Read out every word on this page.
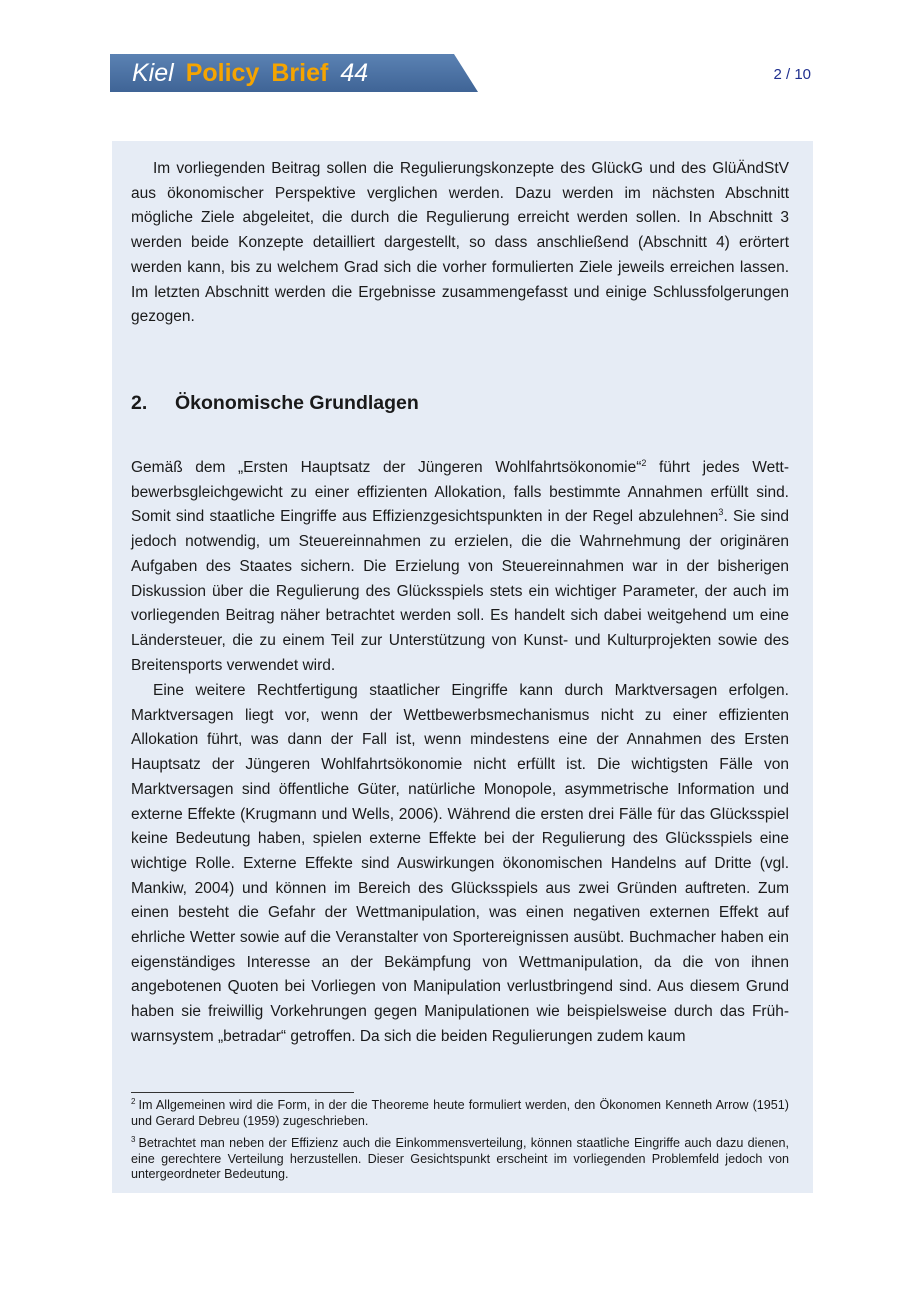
Kiel Policy Brief 44	2 / 10

Im vorliegenden Beitrag sollen die Regulierungskonzepte des GlückG und des GlüÄndStV aus ökonomischer Perspektive verglichen werden. Dazu werden im nächsten Abschnitt mögliche Ziele abgeleitet, die durch die Regulierung erreicht werden sollen. In Abschnitt 3 werden beide Konzepte detailliert dargestellt, so dass anschließend (Abschnitt 4) erörtert werden kann, bis zu welchem Grad sich die vorher formulierten Ziele jeweils erreichen lassen. Im letzten Abschnitt werden die Ergebnisse zusammengefasst und einige Schlussfolgerungen gezogen.

2. Ökonomische Grundlagen

Gemäß dem „Ersten Hauptsatz der Jüngeren Wohlfahrtsökonomie“$^2$ führt jedes Wettbewerbsgleichgewicht zu einer effizienten Allokation, falls bestimmte Annahmen erfüllt sind. Somit sind staatliche Eingriffe aus Effizienzgesichtspunkten in der Regel abzulehnen$^3$. Sie sind jedoch notwendig, um Steuereinnahmen zu erzielen, die die Wahrnehmung der originären Aufgaben des Staates sichern. Die Erzielung von Steuereinnahmen war in der bisherigen Diskussion über die Regulierung des Glücksspiels stets ein wichtiger Parameter, der auch im vorliegenden Beitrag näher betrachtet werden soll. Es handelt sich dabei weitgehend um eine Ländersteuer, die zu einem Teil zur Unterstützung von Kunst- und Kulturprojekten sowie des Breitensports verwendet wird.

Eine weitere Rechtfertigung staatlicher Eingriffe kann durch Marktversagen erfolgen. Marktversagen liegt vor, wenn der Wettbewerbsmechanismus nicht zu einer effizienten Allokation führt, was dann der Fall ist, wenn mindestens eine der Annahmen des Ersten Hauptsatz der Jüngeren Wohlfahrtsökonomie nicht erfüllt ist. Die wichtigsten Fälle von Marktversagen sind öffentliche Güter, natürliche Monopole, asymmetrische Information und externe Effekte (Krugmann und Wells, 2006). Während die ersten drei Fälle für das Glücksspiel keine Bedeutung haben, spielen externe Effekte bei der Regulierung des Glücksspiels eine wichtige Rolle. Externe Effekte sind Auswirkungen ökonomischen Handelns auf Dritte (vgl. Mankiw, 2004) und können im Bereich des Glücksspiels aus zwei Gründen auftreten. Zum einen besteht die Gefahr der Wettmanipulation, was einen negativen externen Effekt auf ehrliche Wetter sowie auf die Veranstalter von Sportereignissen ausübt. Buchmacher haben ein eigenständiges Interesse an der Bekämpfung von Wettmanipulation, da die von ihnen angebotenen Quoten bei Vorliegen von Manipulation verlustbringend sind. Aus diesem Grund haben sie freiwillig Vorkehrungen gegen Manipulationen wie beispielsweise durch das Frühwarnsystem „betradar“ getroffen. Da sich die beiden Regulierungen zudem kaum

$^2$ Im Allgemeinen wird die Form, in der die Theoreme heute formuliert werden, den Ökonomen Kenneth Arrow (1951) und Gerard Debreu (1959) zugeschrieben.

$^3$ Betrachtet man neben der Effizienz auch die Einkommensverteilung, können staatliche Eingriffe auch dazu dienen, eine gerechtere Verteilung herzustellen. Dieser Gesichtspunkt erscheint im vorliegenden Problemfeld jedoch von untergeordneter Bedeutung.
